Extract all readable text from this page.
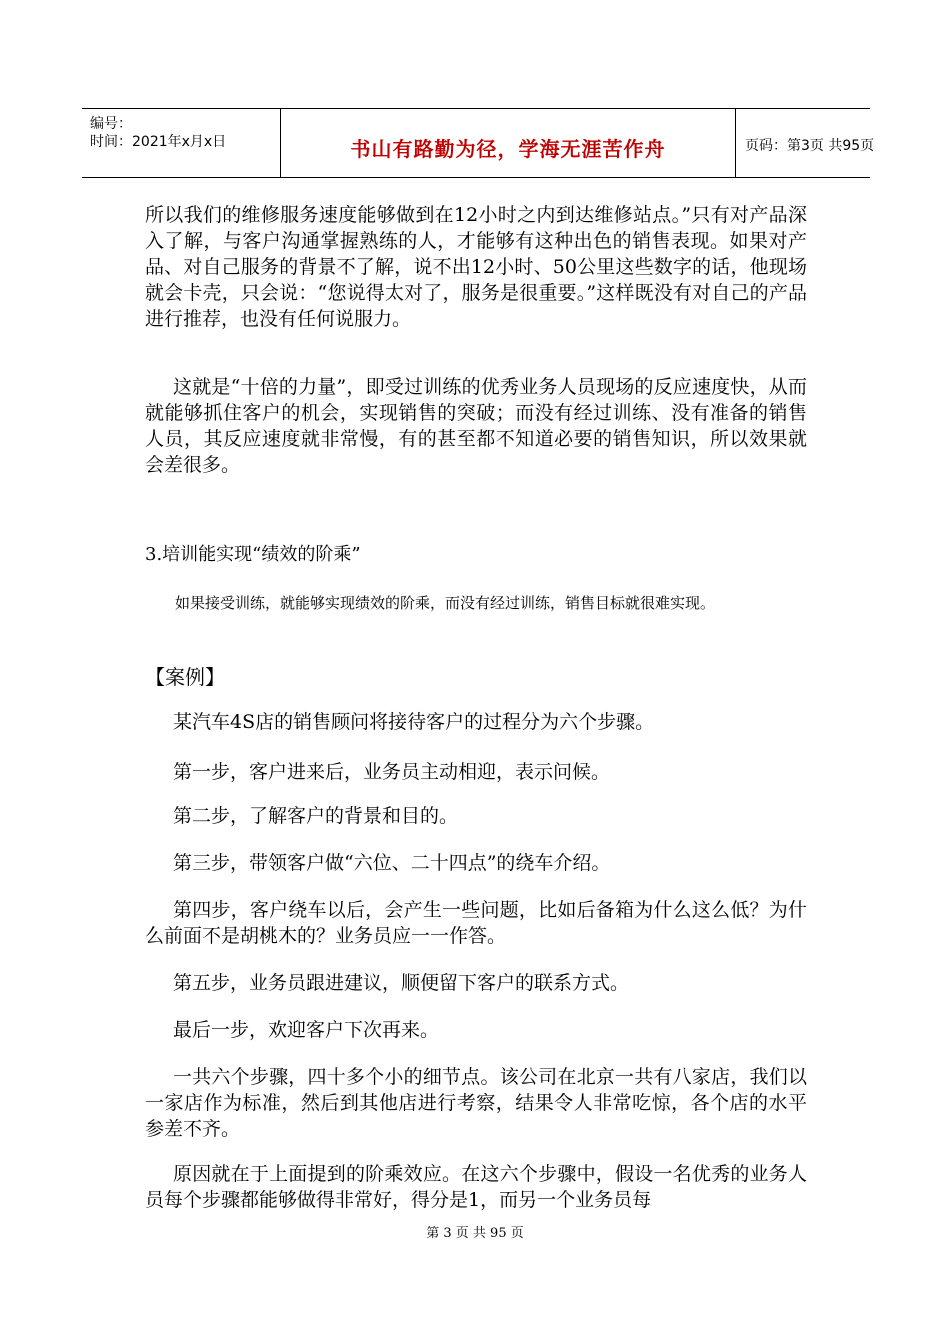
编号：
时间：2021年x月x日	书山有路勤为径，学海无涯苦作舟	页码：第3页 共95页
所以我们的维修服务速度能够做到在12小时之内到达维修站点。”只有对产品深入了解，与客户沟通掌握熟练的人，才能够有这种出色的销售表现。如果对产品、对自己服务的背景不了解，说不出12小时、50公里这些数字的话，他现场就会卡壳，只会说：“您说得太对了，服务是很重要。”这样既没有对自己的产品进行推荐，也没有任何说服力。
这就是“十倍的力量”，即受过训练的优秀业务人员现场的反应速度快，从而就能够抓住客户的机会，实现销售的突破；而没有经过训练、没有准备的销售人员，其反应速度就非常慢，有的甚至都不知道必要的销售知识，所以效果就会差很多。
3.培训能实现“绩效的阶乘”
如果接受训练，就能够实现绩效的阶乘，而没有经过训练，销售目标就很难实现。
【案例】
某汽车4S店的销售顾问将接待客户的过程分为六个步骤。
第一步，客户进来后，业务员主动相迎，表示问候。
第二步，了解客户的背景和目的。
第三步，带领客户做“六位、二十四点”的绕车介绍。
第四步，客户绕车以后，会产生一些问题，比如后备箱为什么这么低？为什么前面不是胡桃木的？业务员应一一作答。
第五步，业务员跟进建议，顺便留下客户的联系方式。
最后一步，欢迎客户下次再来。
一共六个步骤，四十多个小的细节点。该公司在北京一共有八家店，我们以一家店作为标准，然后到其他店进行考察，结果令人非常吃惊，各个店的水平参差不齐。
原因就在于上面提到的阶乘效应。在这六个步骤中，假设一名优秀的业务人员每个步骤都能够做得非常好，得分是1，而另一个业务员每
第 3 页 共 95 页
